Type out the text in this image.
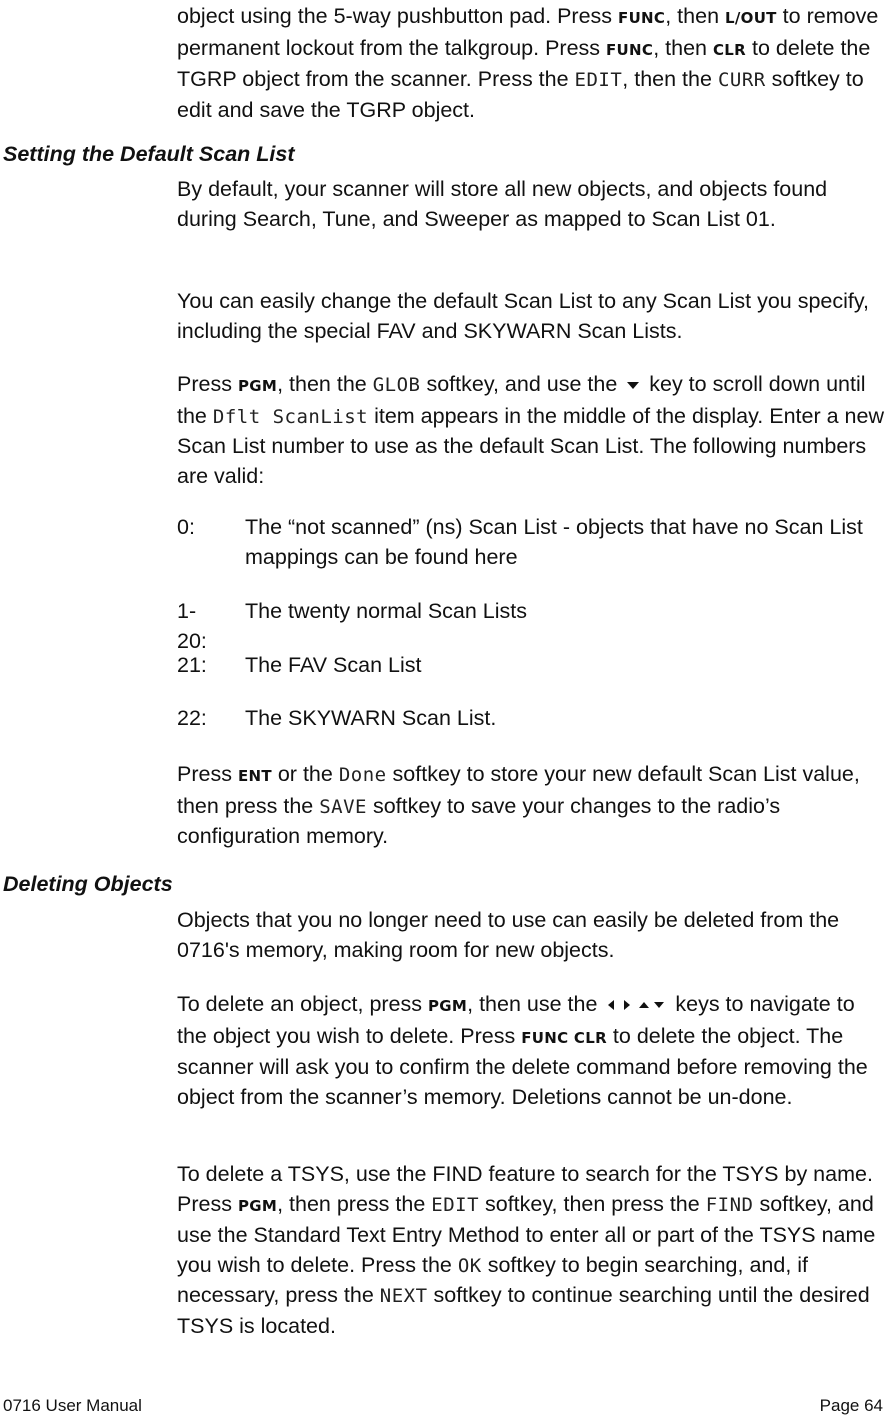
object using the 5-way pushbutton pad. Press FUNC, then L/OUT to remove permanent lockout from the talkgroup. Press FUNC, then CLR to delete the TGRP object from the scanner. Press the EDIT, then the CURR softkey to edit and save the TGRP object.

Setting the Default Scan List

By default, your scanner will store all new objects, and objects found during Search, Tune, and Sweeper as mapped to Scan List 01.

You can easily change the default Scan List to any Scan List you specify, including the special FAV and SKYWARN Scan Lists.

Press PGM, then the GLOB softkey, and use the  key to scroll down until the Dflt ScanList item appears in the middle of the display. Enter a new Scan List number to use as the default Scan List. The following numbers are valid:

0: The “not scanned” (ns) Scan List - objects that have no Scan List mappings can be found here
1-20:
The twenty normal Scan Lists
21: The FAV Scan List
22: The SKYWARN Scan List.

Press ENT or the Done softkey to store your new default Scan List value, then press the SAVE softkey to save your changes to the radio’s configuration memory.

Deleting Objects

Objects that you no longer need to use can easily be deleted from the 0716's memory, making room for new objects.

To delete an object, press PGM, then use the	keys to navigate to the object you wish to delete. Press FUNC CLR to delete the object. The scanner will ask you to confirm the delete command before removing the object from the scanner’s memory. Deletions cannot be un-done.

To delete a TSYS, use the FIND feature to search for the TSYS by name. Press PGM, then press the EDIT softkey, then press the FIND softkey, and use the Standard Text Entry Method to enter all or part of the TSYS name you wish to delete. Press the OK softkey to begin searching, and, if necessary, press the NEXT softkey to continue searching until the desired TSYS is located.

0716 User Manual	Page 64
